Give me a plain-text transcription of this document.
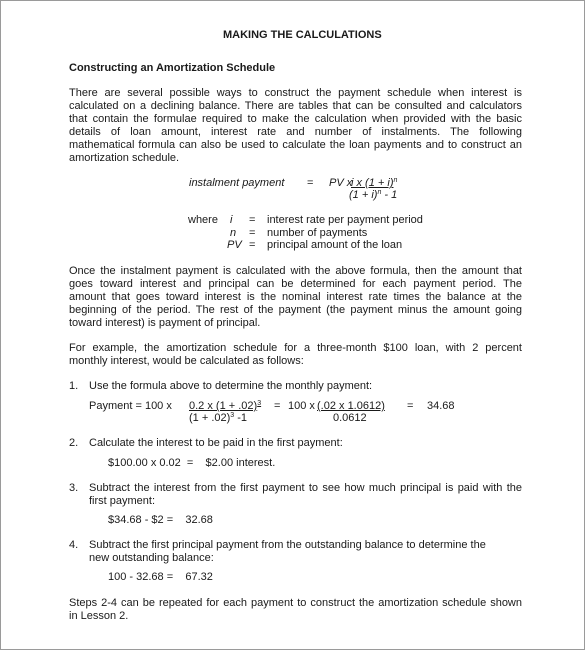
MAKING THE CALCULATIONS
Constructing an Amortization Schedule
There are several possible ways to construct the payment schedule when interest is
calculated on a declining balance. There are tables that can be consulted and calculators
that contain the formulae required to make the calculation when provided with the basic
details of loan amount, interest rate and number of instalments. The following
mathematical formula can also be used to calculate the loan payments and to construct an
amortization schedule.
instalment payment = PV x
i x $(1 + i)^n$
$(1 + i)^n - 1$
where i = interest rate per payment period
n = number of payments
PV = principal amount of the loan
Once the instalment payment is calculated with the above formula, then the amount that
goes toward interest and principal can be determined for each payment period. The
amount that goes toward interest is the nominal interest rate times the balance at the
beginning of the period. The rest of the payment (the payment minus the amount going
toward interest) is payment of principal.
For example, the amortization schedule for a three-month $100 loan, with 2 percent
monthly interest, would be calculated as follows:
1. Use the formula above to determine the monthly payment:
Payment = 100 x 0.2 x $(1 + .02)^3$
$(1 + .02)^3$ -1
= 100 x (.02 x 1.0612)
0.0612
= 34.68
2. Calculate the interest to be paid in the first payment:
$100.00 x 0.02  =    $2.00 interest.
3. Subtract the interest from the first payment to see how much principal is paid with the
first payment:
$34.68 - $2 =    32.68
4. Subtract the first principal payment from the outstanding balance to determine the
new outstanding balance:
100 - 32.68 =    67.32
Steps 2-4 can be repeated for each payment to construct the amortization schedule shown
in Lesson 2.
